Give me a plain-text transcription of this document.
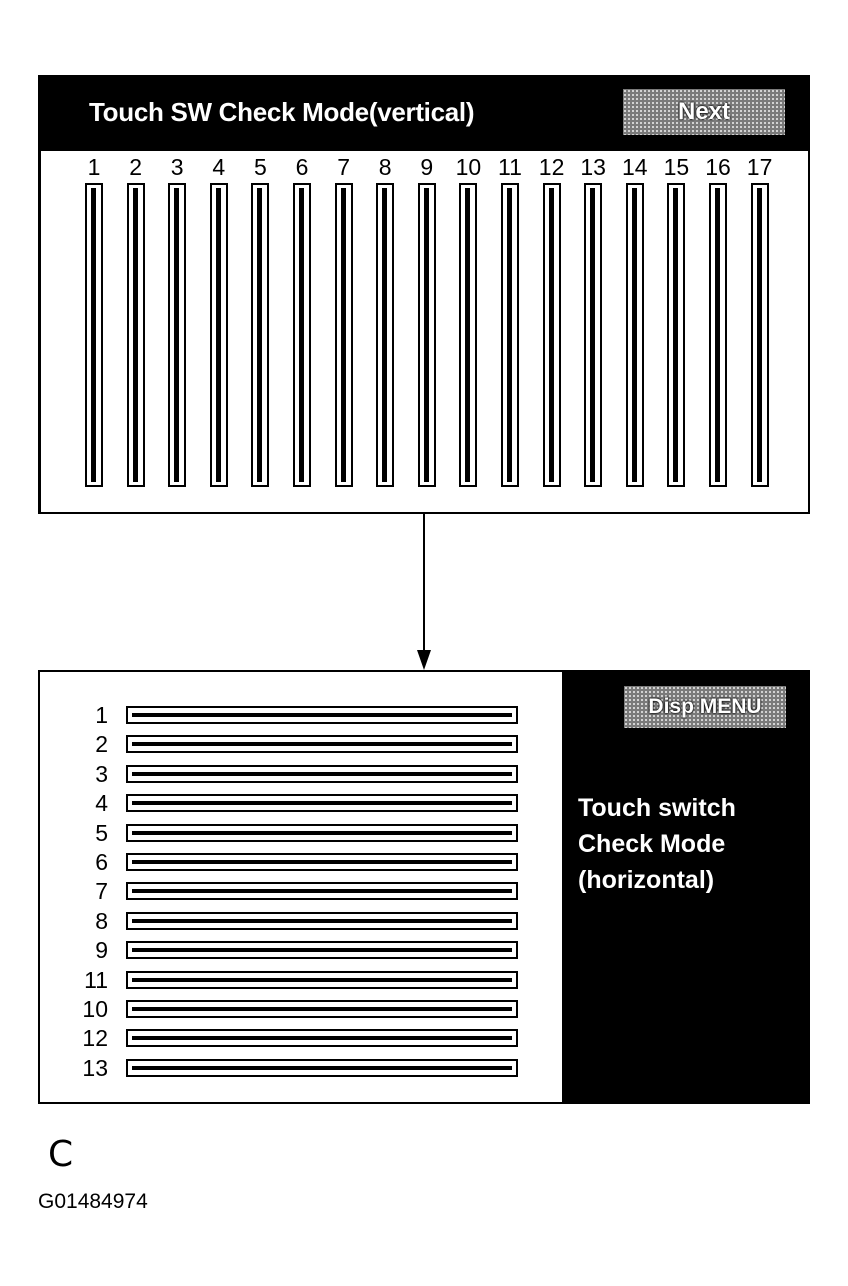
Touch SW Check Mode(vertical)	Next
1	2	3	4	5	6	7	8	9 10 11 12 13 14 15 16 17
1
2
3
4
5
6
7
8
9
11
10
12
13
Disp MENU
Touch switch
Check Mode
(horizontal)
C
G01484974
